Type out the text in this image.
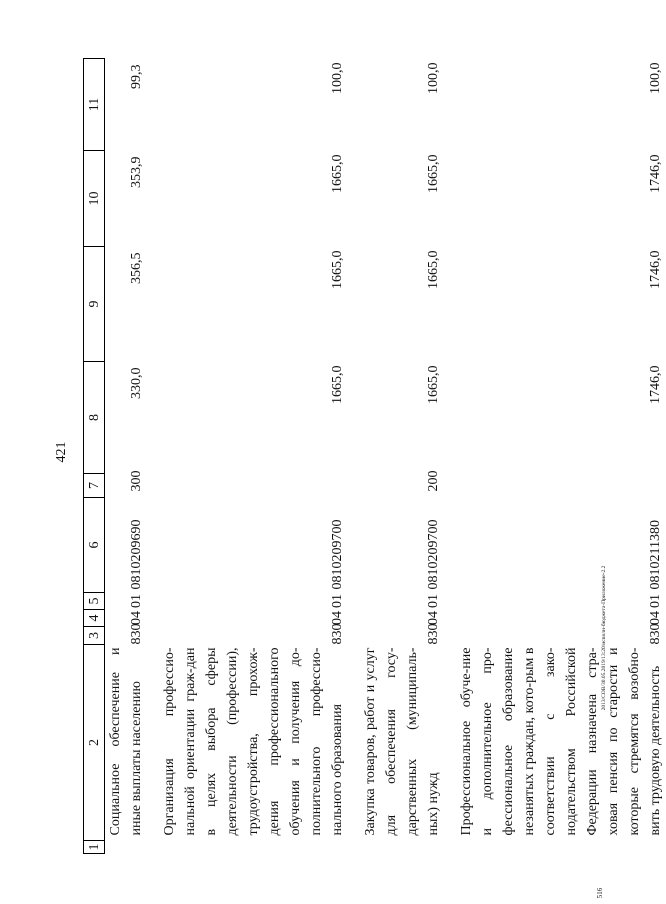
421
2013/СОВ/30.05.2019/13:20/исполн-бюджета-Приложение-2.2
516
1	2	3	4	5	6	7	8	9	10	11
	Социальное обеспечение и иные выплаты населению	830	04	01	0810209690	300	330,0	356,5	353,9	99,3

	Организация профессио-нальной ориентации граж-дан в целях выбора сферы деятельности (профессии), трудоустройства, прохож-дения профессионального обучения и получения до-полнительного профессио-нального образования	830	04	01	0810209700		1665,0	1665,0	1665,0	100,0

	Закупка товаров, работ и услуг для обеспечения госу-дарственных (муниципаль-ных) нужд	830	04	01	0810209700	200	1665,0	1665,0	1665,0	100,0

	Профессиональное обуче-ние и дополнительное про-фессиональное образование незанятых граждан, кото-рым в соответствии с зако-нодательством Российской Федерации назначена стра-ховая пенсия по старости и которые стремятся возобно-вить трудовую деятельность	830	04	01	0810211380		1746,0	1746,0	1746,0	100,0
